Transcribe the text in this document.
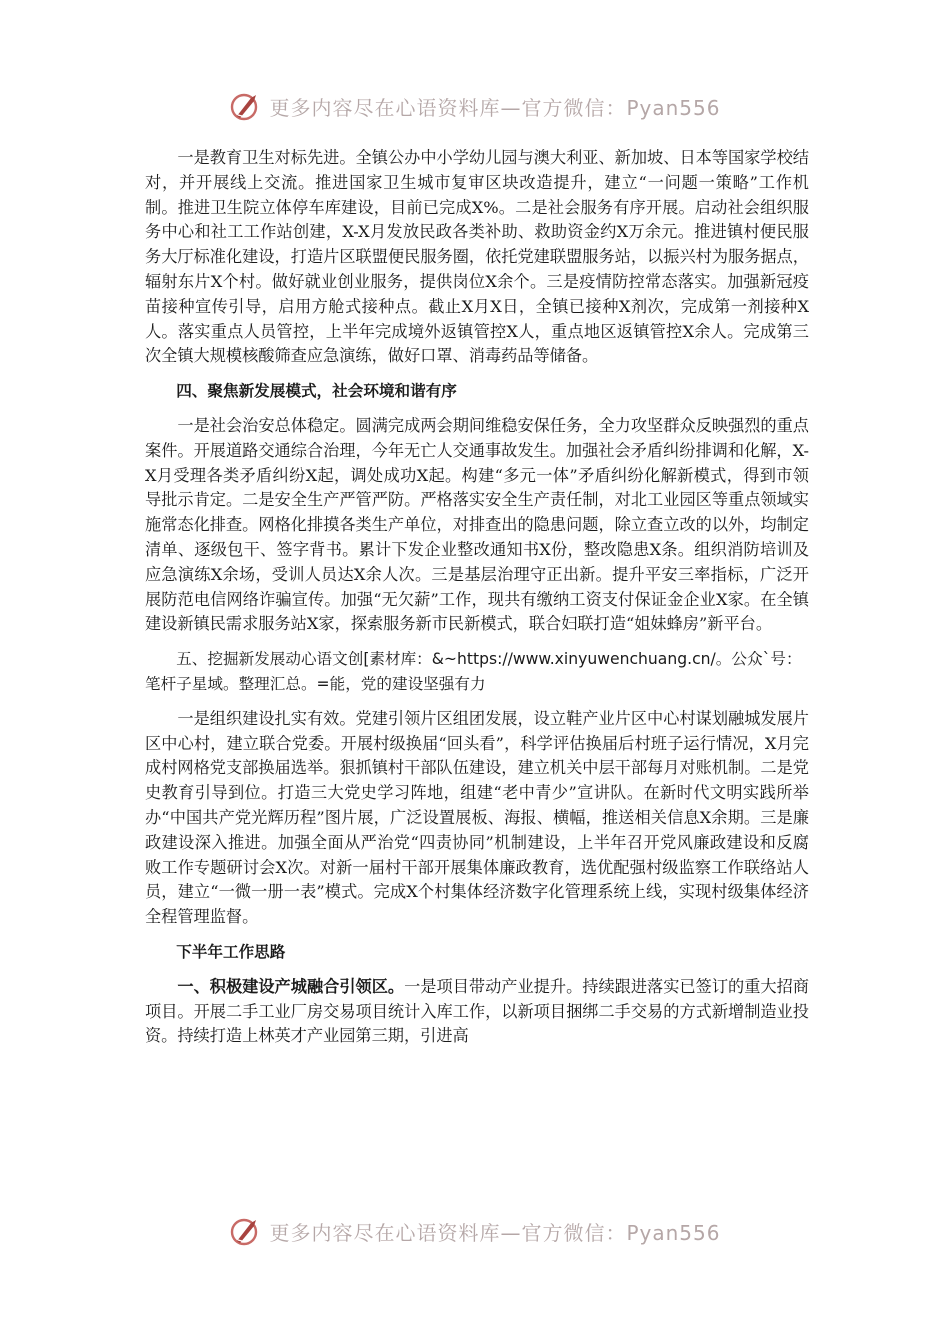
更多内容尽在心语资料库—官方微信：Pyan556

一是教育卫生对标先进。全镇公办中小学幼儿园与澳大利亚、新加坡、日本等国家学校结对，并开展线上交流。推进国家卫生城市复审区块改造提升，建立“一问题一策略”工作机制。推进卫生院立体停车库建设，目前已完成X%。二是社会服务有序开展。启动社会组织服务中心和社工工作站创建，X-X月发放民政各类补助、救助资金约X万余元。推进镇村便民服务大厅标准化建设，打造片区联盟便民服务圈，依托党建联盟服务站，以振兴村为服务据点，辐射东片X个村。做好就业创业服务，提供岗位X余个。三是疫情防控常态落实。加强新冠疫苗接种宣传引导，启用方舱式接种点。截止X月X日，全镇已接种X剂次，完成第一剂接种X人。落实重点人员管控，上半年完成境外返镇管控X人，重点地区返镇管控X余人。完成第三次全镇大规模核酸筛查应急演练，做好口罩、消毒药品等储备。

四、聚焦新发展模式，社会环境和谐有序

一是社会治安总体稳定。圆满完成两会期间维稳安保任务，全力攻坚群众反映强烈的重点案件。开展道路交通综合治理，今年无亡人交通事故发生。加强社会矛盾纠纷排调和化解，X-X月受理各类矛盾纠纷X起，调处成功X起。构建“多元一体”矛盾纠纷化解新模式，得到市领导批示肯定。二是安全生产严管严防。严格落实安全生产责任制，对北工业园区等重点领域实施常态化排查。网格化排摸各类生产单位，对排查出的隐患问题，除立查立改的以外，均制定清单、逐级包干、签字背书。累计下发企业整改通知书X份，整改隐患X条。组织消防培训及应急演练X余场，受训人员达X余人次。三是基层治理守正出新。提升平安三率指标，广泛开展防范电信网络诈骗宣传。加强“无欠薪”工作，现共有缴纳工资支付保证金企业X家。在全镇建设新镇民需求服务站X家，探索服务新市民新模式，联合妇联打造“姐妹蜂房”新平台。

五、挖掘新发展动心语文创[素材库：&~https://www.xinyuwenchuang.cn/。公众`号：笔杆子星域。整理汇总。=能，党的建设坚强有力

一是组织建设扎实有效。党建引领片区组团发展，设立鞋产业片区中心村谋划融城发展片区中心村，建立联合党委。开展村级换届“回头看”，科学评估换届后村班子运行情况，X月完成村网格党支部换届选举。狠抓镇村干部队伍建设，建立机关中层干部每月对账机制。二是党史教育引导到位。打造三大党史学习阵地，组建“老中青少”宣讲队。在新时代文明实践所举办“中国共产党光辉历程”图片展，广泛设置展板、海报、横幅，推送相关信息X余期。三是廉政建设深入推进。加强全面从严治党“四责协同”机制建设，上半年召开党风廉政建设和反腐败工作专题研讨会X次。对新一届村干部开展集体廉政教育，选优配强村级监察工作联络站人员，建立“一微一册一表”模式。完成X个村集体经济数字化管理系统上线，实现村级集体经济全程管理监督。

下半年工作思路

一、积极建设产城融合引领区。一是项目带动产业提升。持续跟进落实已签订的重大招商项目。开展二手工业厂房交易项目统计入库工作，以新项目捆绑二手交易的方式新增制造业投资。持续打造上林英才产业园第三期，引进高

更多内容尽在心语资料库—官方微信：Pyan556
